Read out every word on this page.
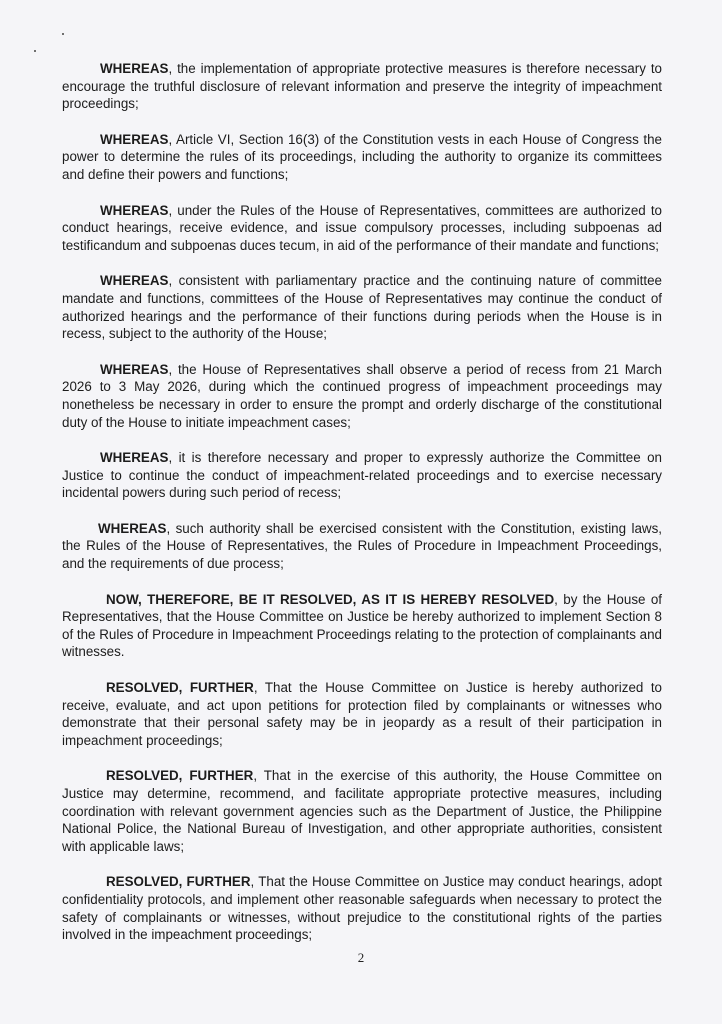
WHEREAS, the implementation of appropriate protective measures is therefore necessary to encourage the truthful disclosure of relevant information and preserve the integrity of impeachment proceedings;

WHEREAS, Article VI, Section 16(3) of the Constitution vests in each House of Congress the power to determine the rules of its proceedings, including the authority to organize its committees and define their powers and functions;

WHEREAS, under the Rules of the House of Representatives, committees are authorized to conduct hearings, receive evidence, and issue compulsory processes, including subpoenas ad testificandum and subpoenas duces tecum, in aid of the performance of their mandate and functions;

WHEREAS, consistent with parliamentary practice and the continuing nature of committee mandate and functions, committees of the House of Representatives may continue the conduct of authorized hearings and the performance of their functions during periods when the House is in recess, subject to the authority of the House;

WHEREAS, the House of Representatives shall observe a period of recess from 21 March 2026 to 3 May 2026, during which the continued progress of impeachment proceedings may nonetheless be necessary in order to ensure the prompt and orderly discharge of the constitutional duty of the House to initiate impeachment cases;

WHEREAS, it is therefore necessary and proper to expressly authorize the Committee on Justice to continue the conduct of impeachment-related proceedings and to exercise necessary incidental powers during such period of recess;

WHEREAS, such authority shall be exercised consistent with the Constitution, existing laws, the Rules of the House of Representatives, the Rules of Procedure in Impeachment Proceedings, and the requirements of due process;

NOW, THEREFORE, BE IT RESOLVED, AS IT IS HEREBY RESOLVED, by the House of Representatives, that the House Committee on Justice be hereby authorized to implement Section 8 of the Rules of Procedure in Impeachment Proceedings relating to the protection of complainants and witnesses.

RESOLVED, FURTHER, That the House Committee on Justice is hereby authorized to receive, evaluate, and act upon petitions for protection filed by complainants or witnesses who demonstrate that their personal safety may be in jeopardy as a result of their participation in impeachment proceedings;

RESOLVED, FURTHER, That in the exercise of this authority, the House Committee on Justice may determine, recommend, and facilitate appropriate protective measures, including coordination with relevant government agencies such as the Department of Justice, the Philippine National Police, the National Bureau of Investigation, and other appropriate authorities, consistent with applicable laws;

RESOLVED, FURTHER, That the House Committee on Justice may conduct hearings, adopt confidentiality protocols, and implement other reasonable safeguards when necessary to protect the safety of complainants or witnesses, without prejudice to the constitutional rights of the parties involved in the impeachment proceedings;

2
